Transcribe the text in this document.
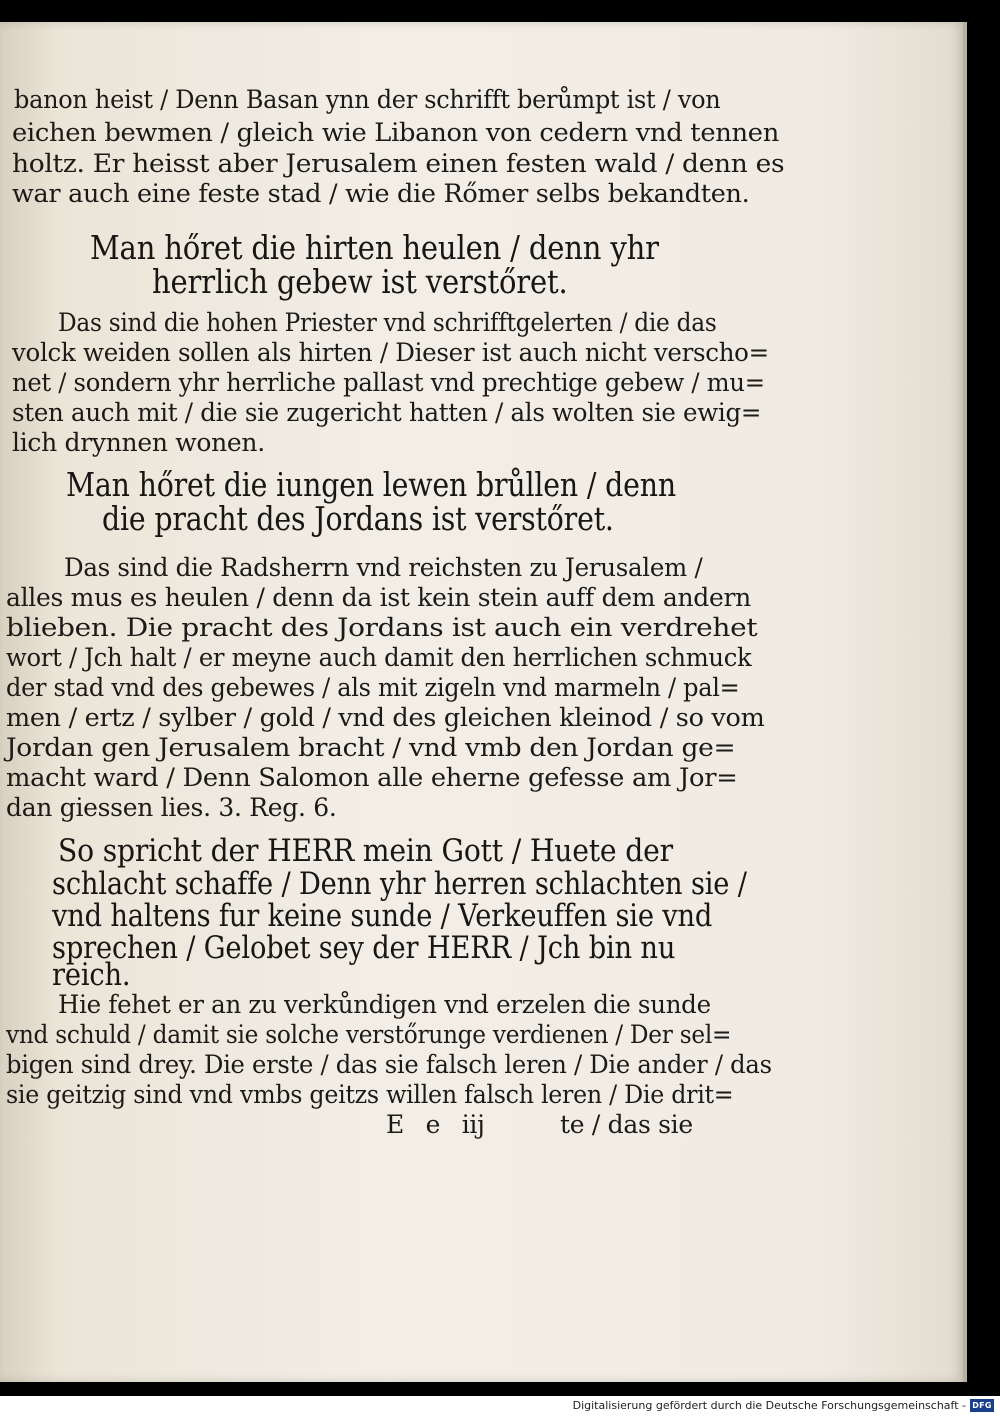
banon heist / Denn Basan ynn der schrifft berůmpt ist / von
eichen bewmen / gleich wie Libanon von cedern vnd tennen
holtz. Er heisst aber Jerusalem einen festen wald / denn es
war auch eine feste stad / wie die Rőmer selbs bekandten.
Man hőret die hirten heulen / denn yhr
herrlich gebew ist verstőret.
Das sind die hohen Priester vnd schrifftgelerten / die das
volck weiden sollen als hirten / Dieser ist auch nicht verscho=
net / sondern yhr herrliche pallast vnd prechtige gebew / mu=
sten auch mit / die sie zugericht hatten / als wolten sie ewig=
lich drynnen wonen.
Man hőret die iungen lewen brůllen / denn
die pracht des Jordans ist verstőret.
Das sind die Radsherrn vnd reichsten zu Jerusalem /
alles mus es heulen / denn da ist kein stein auff dem andern
blieben. Die pracht des Jordans ist auch ein verdrehet
wort / Jch halt / er meyne auch damit den herrlichen schmuck
der stad vnd des gebewes / als mit zigeln vnd marmeln / pal=
men / ertz / sylber / gold / vnd des gleichen kleinod / so vom
Jordan gen Jerusalem bracht / vnd vmb den Jordan ge=
macht ward / Denn Salomon alle eherne gefesse am Jor=
dan giessen lies. 3. Reg. 6.
So spricht der HERR mein Gott / Huete der
schlacht schaffe / Denn yhr herren schlachten sie /
vnd haltens fur keine sunde / Verkeuffen sie vnd
sprechen / Gelobet sey der HERR / Jch bin nu
reich.
Hie fehet er an zu verkůndigen vnd erzelen die sunde
vnd schuld / damit sie solche verstőrunge verdienen / Der sel=
bigen sind drey. Die erste / das sie falsch leren / Die ander / das
sie geitzig sind vnd vmbs geitzs willen falsch leren / Die drit=
E e iij	te / das sie
Digitalisierung gefördert durch die Deutsche Forschungsgemeinschaft - DFG
